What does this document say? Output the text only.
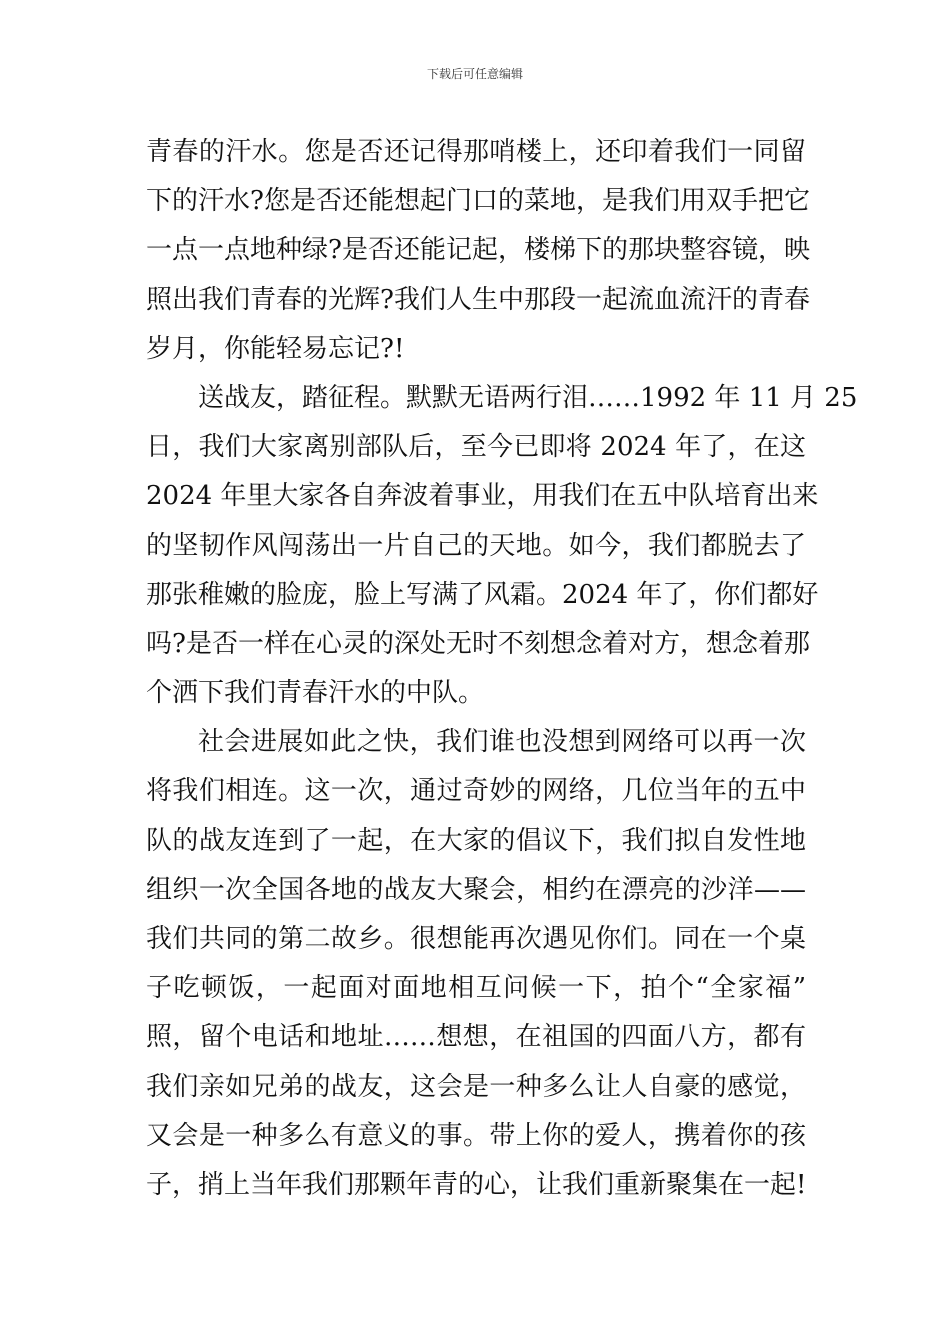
下载后可任意编辑
青春的汗水。您是否还记得那哨楼上，还印着我们一同留
下的汗水?您是否还能想起门口的菜地，是我们用双手把它
一点一点地种绿?是否还能记起，楼梯下的那块整容镜，映
照出我们青春的光辉?我们人生中那段一起流血流汗的青春
岁月，你能轻易忘记?!
送战友，踏征程。默默无语两行泪……1992 年 11 月 25
日，我们大家离别部队后，至今已即将 2024 年了，在这
2024 年里大家各自奔波着事业，用我们在五中队培育出来
的坚韧作风闯荡出一片自己的天地。如今，我们都脱去了
那张稚嫩的脸庞，脸上写满了风霜。2024 年了，你们都好
吗?是否一样在心灵的深处无时不刻想念着对方，想念着那
个洒下我们青春汗水的中队。
社会进展如此之快，我们谁也没想到网络可以再一次
将我们相连。这一次，通过奇妙的网络，几位当年的五中
队的战友连到了一起，在大家的倡议下，我们拟自发性地
组织一次全国各地的战友大聚会，相约在漂亮的沙洋——
我们共同的第二故乡。很想能再次遇见你们。同在一个桌
子吃顿饭，一起面对面地相互问候一下，拍个“全家福”
照，留个电话和地址……想想，在祖国的四面八方，都有
我们亲如兄弟的战友，这会是一种多么让人自豪的感觉，
又会是一种多么有意义的事。带上你的爱人，携着你的孩
子，捎上当年我们那颗年青的心，让我们重新聚集在一起!
